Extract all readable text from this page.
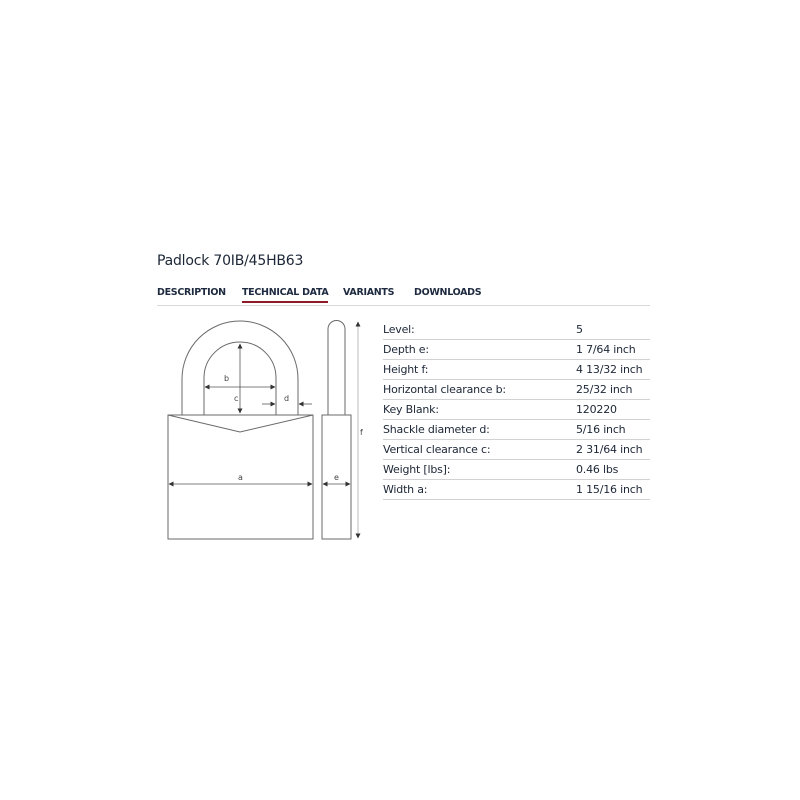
Padlock 70IB/45HB63
DESCRIPTION TECHNICAL DATA VARIANTS DOWNLOADS
b
c	d
a	e
f
Level:	5
Depth e:	1 7/64 inch
Height f:	4 13/32 inch
Horizontal clearance b:	25/32 inch
Key Blank:	120220
Shackle diameter d:	5/16 inch
Vertical clearance c:	2 31/64 inch
Weight [lbs]:	0.46 lbs
Width a:	1 15/16 inch
